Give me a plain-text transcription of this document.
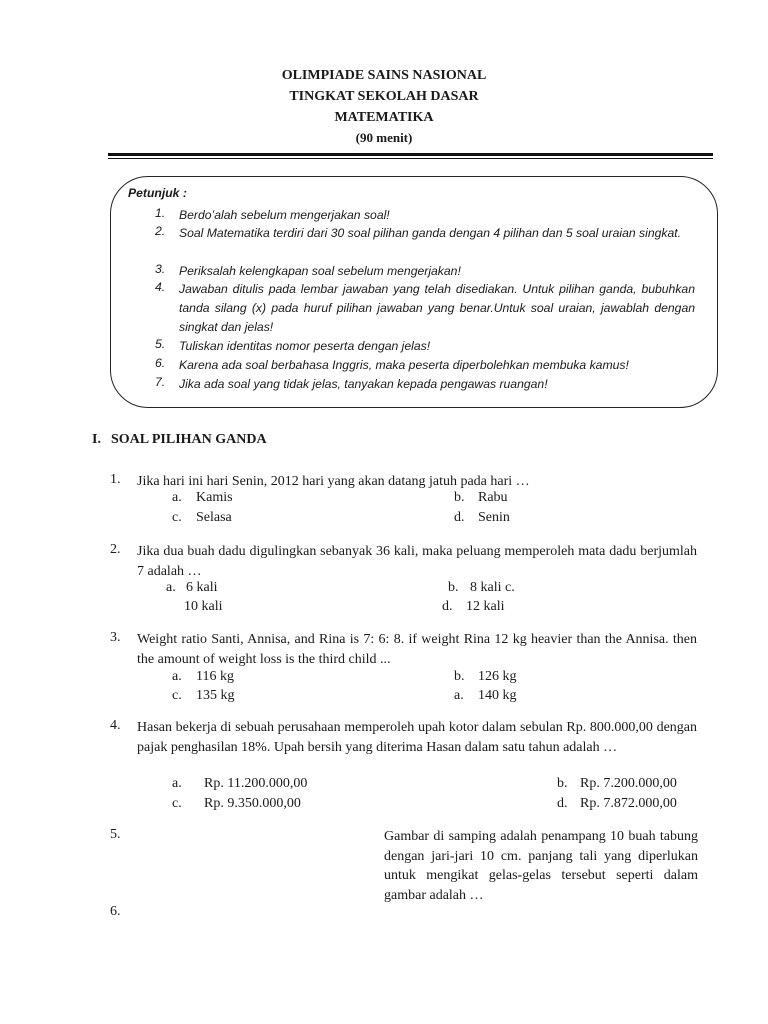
OLIMPIADE SAINS NASIONAL
TINGKAT SEKOLAH DASAR
MATEMATIKA
(90 menit)
Petunjuk :
1. Berdo’alah sebelum mengerjakan soal!
2. Soal Matematika terdiri dari 30 soal pilihan ganda dengan 4 pilihan dan 5 soal uraian singkat.
3. Periksalah kelengkapan soal sebelum mengerjakan!
4. Jawaban ditulis pada lembar jawaban yang telah disediakan. Untuk pilihan ganda, bubuhkan tanda silang (x) pada huruf pilihan jawaban yang benar.Untuk soal uraian, jawablah dengan singkat dan jelas!
5. Tuliskan identitas nomor peserta dengan jelas!
6. Karena ada soal berbahasa Inggris, maka peserta diperbolehkan membuka kamus!
7. Jika ada soal yang tidak jelas, tanyakan kepada pengawas ruangan!
I. SOAL PILIHAN GANDA
1. Jika hari ini hari Senin, 2012 hari yang akan datang jatuh pada hari …
a. Kamis	b. Rabu
c. Selasa	d. Senin
2. Jika dua buah dadu digulingkan sebanyak 36 kali, maka peluang memperoleh mata dadu berjumlah 7 adalah …
a. 6 kali	b. 8 kali c.
10 kali	d. 12 kali
3. Weight ratio Santi, Annisa, and Rina is 7: 6: 8. if weight Rina 12 kg heavier than the Annisa. then the amount of weight loss is the third child ...
a. 116 kg	b. 126 kg
c. 135 kg	a. 140 kg
4. Hasan bekerja di sebuah perusahaan memperoleh upah kotor dalam sebulan Rp. 800.000,00 dengan pajak penghasilan 18%. Upah bersih yang diterima Hasan dalam satu tahun adalah …
a. Rp. 11.200.000,00	b. Rp. 7.200.000,00
c. Rp. 9.350.000,00	d. Rp. 7.872.000,00
5.	Gambar di samping adalah penampang 10 buah tabung dengan jari-jari 10 cm. panjang tali yang diperlukan untuk mengikat gelas-gelas tersebut seperti dalam gambar adalah …
6.
